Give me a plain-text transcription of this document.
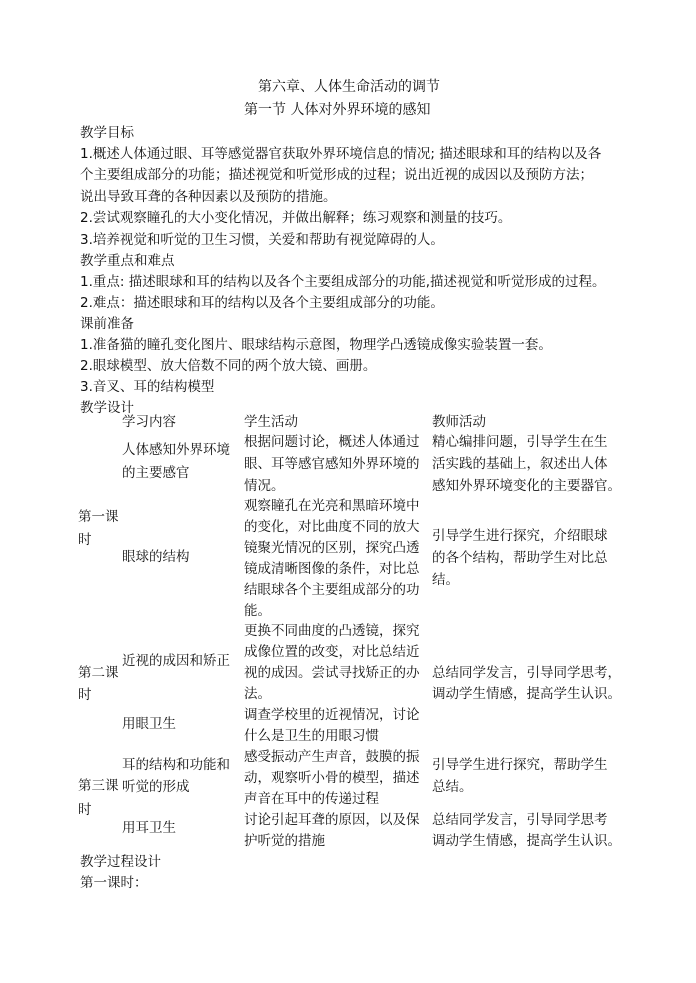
第六章、人体生命活动的调节
第一节 人体对外界环境的感知
教学目标
1.概述人体通过眼、耳等感觉器官获取外界环境信息的情况; 描述眼球和耳的结构以及各
个主要组成部分的功能；描述视觉和听觉形成的过程；说出近视的成因以及预防方法；
说出导致耳聋的各种因素以及预防的措施。
2.尝试观察瞳孔的大小变化情况，并做出解释；练习观察和测量的技巧。
3.培养视觉和听觉的卫生习惯，关爱和帮助有视觉障碍的人。
教学重点和难点
1.重点: 描述眼球和耳的结构以及各个主要组成部分的功能,描述视觉和听觉形成的过程。
2.难点：描述眼球和耳的结构以及各个主要组成部分的功能。
课前准备
1.准备猫的瞳孔变化图片、眼球结构示意图，物理学凸透镜成像实验装置一套。
2.眼球模型、放大倍数不同的两个放大镜、画册。
3.音叉、耳的结构模型
教学设计
学习内容	学生活动	教师活动
第一课
时
第二课
时
第三课
时
人体感知外界环境
的主要感官
眼球的结构
近视的成因和矫正
用眼卫生
耳的结构和功能和
听觉的形成
用耳卫生
根据问题讨论，概述人体通过
眼、耳等感官感知外界环境的
情况。
观察瞳孔在光亮和黑暗环境中
的变化，对比曲度不同的放大
镜聚光情况的区别，探究凸透
镜成清晰图像的条件，对比总
结眼球各个主要组成部分的功
能。
更换不同曲度的凸透镜，探究
成像位置的改变，对比总结近
视的成因。尝试寻找矫正的办
法。
调查学校里的近视情况，讨论
什么是卫生的用眼习惯
感受振动产生声音，鼓膜的振
动，观察听小骨的模型，描述
声音在耳中的传递过程
讨论引起耳聋的原因，以及保
护听觉的措施
精心编排问题，引导学生在生
活实践的基础上，叙述出人体
感知外界环境变化的主要器官。
引导学生进行探究，介绍眼球
的各个结构，帮助学生对比总
结。
总结同学发言，引导同学思考，
调动学生情感，提高学生认识。
引导学生进行探究，帮助学生
总结。
总结同学发言，引导同学思考
调动学生情感，提高学生认识。
教学过程设计
第一课时：
